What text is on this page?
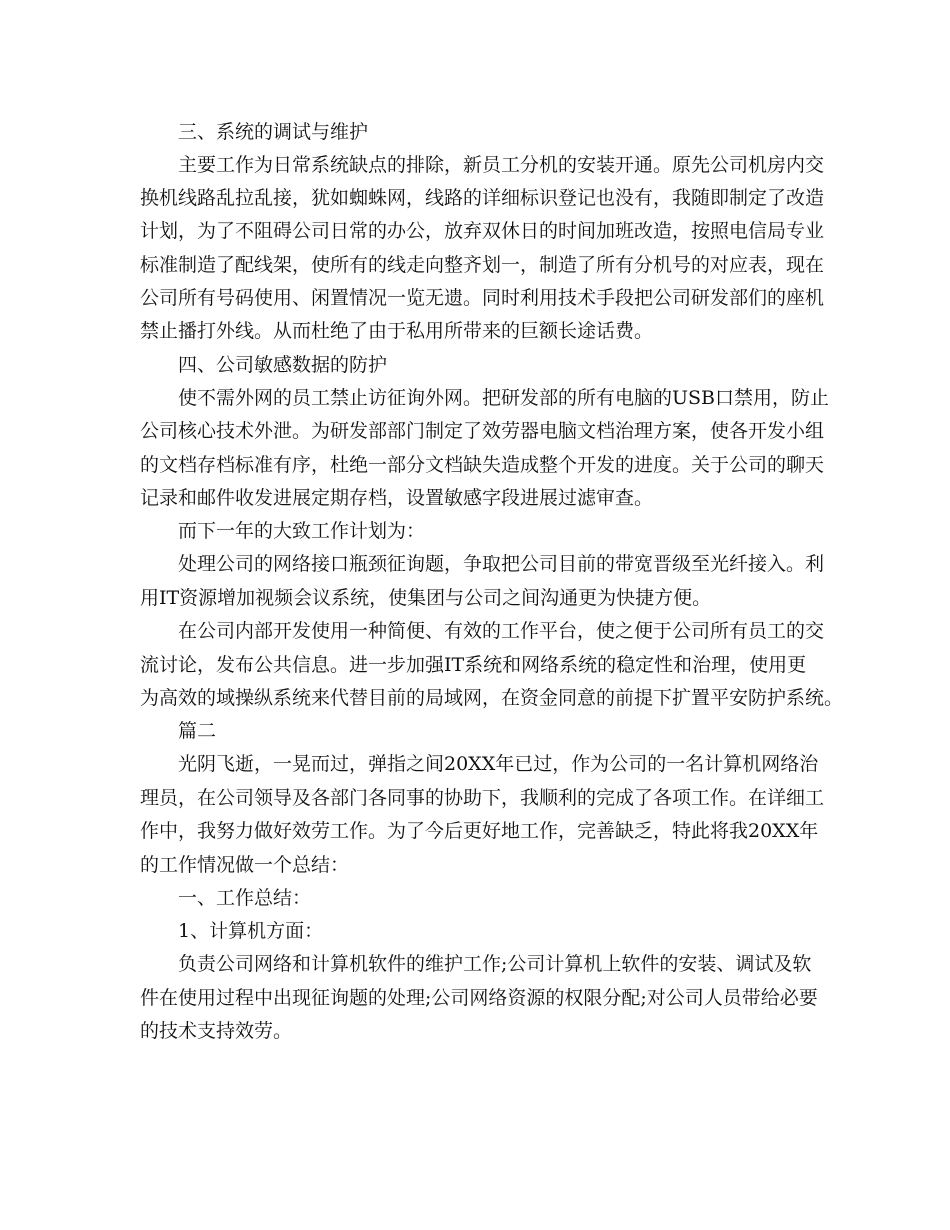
三、系统的调试与维护
主要工作为日常系统缺点的排除，新员工分机的安装开通。原先公司机房内交
换机线路乱拉乱接，犹如蜘蛛网，线路的详细标识登记也没有，我随即制定了改造
计划，为了不阻碍公司日常的办公，放弃双休日的时间加班改造，按照电信局专业
标准制造了配线架，使所有的线走向整齐划一，制造了所有分机号的对应表，现在
公司所有号码使用、闲置情况一览无遗。同时利用技术手段把公司研发部们的座机
禁止播打外线。从而杜绝了由于私用所带来的巨额长途话费。
四、公司敏感数据的防护
使不需外网的员工禁止访征询外网。把研发部的所有电脑的USB口禁用，防止
公司核心技术外泄。为研发部部门制定了效劳器电脑文档治理方案，使各开发小组
的文档存档标准有序，杜绝一部分文档缺失造成整个开发的进度。关于公司的聊天
记录和邮件收发进展定期存档，设置敏感字段进展过滤审查。
而下一年的大致工作计划为：
处理公司的网络接口瓶颈征询题，争取把公司目前的带宽晋级至光纤接入。利
用IT资源增加视频会议系统，使集团与公司之间沟通更为快捷方便。
在公司内部开发使用一种简便、有效的工作平台，使之便于公司所有员工的交
流讨论，发布公共信息。进一步加强IT系统和网络系统的稳定性和治理，使用更
为高效的域操纵系统来代替目前的局域网，在资金同意的前提下扩置平安防护系统。
篇二
光阴飞逝，一晃而过，弹指之间20XX年已过，作为公司的一名计算机网络治
理员，在公司领导及各部门各同事的协助下，我顺利的完成了各项工作。在详细工
作中，我努力做好效劳工作。为了今后更好地工作，完善缺乏，特此将我20XX年
的工作情况做一个总结：
一、工作总结：
1、计算机方面：
负责公司网络和计算机软件的维护工作;公司计算机上软件的安装、调试及软
件在使用过程中出现征询题的处理;公司网络资源的权限分配;对公司人员带给必要
的技术支持效劳。
